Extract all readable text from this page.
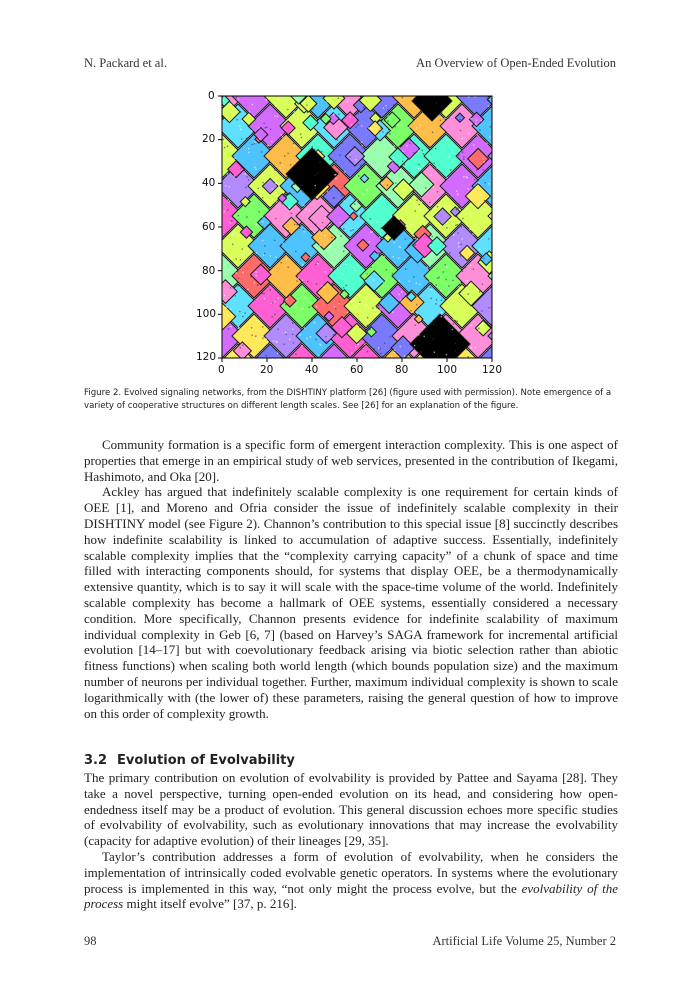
N. Packard et al.	An Overview of Open-Ended Evolution
0
20
40
60
80
100
120
0	20	40	60	80	100 120
Figure 2. Evolved signaling networks, from the DISHTINY platform [26] (figure used with permission). Note emergence of a variety of cooperative structures on different length scales. See [26] for an explanation of the figure.

Community formation is a specific form of emergent interaction complexity. This is one aspect of properties that emerge in an empirical study of web services, presented in the contribution of Ikegami, Hashimoto, and Oka [20].

Ackley has argued that indefinitely scalable complexity is one requirement for certain kinds of OEE [1], and Moreno and Ofria consider the issue of indefinitely scalable complexity in their DISHTINY model (see Figure 2). Channon’s contribution to this special issue [8] succinctly describes how indefinite scalability is linked to accumulation of adaptive success. Essentially, indefinitely scalable complexity implies that the “complexity carrying capacity” of a chunk of space and time filled with interacting components should, for systems that display OEE, be a thermodynamically extensive quantity, which is to say it will scale with the space-time volume of the world. Indefinitely scalable complexity has become a hallmark of OEE systems, essentially considered a necessary condition. More specifically, Channon presents evidence for indefinite scalability of maximum individual complexity in Geb [6, 7] (based on Harvey’s SAGA framework for incremental artificial evolution [14–17] but with coevolutionary feedback arising via biotic selection rather than abiotic fitness functions) when scaling both world length (which bounds population size) and the maximum number of neurons per individual together. Further, maximum individual complexity is shown to scale logarithmically with (the lower of) these parameters, raising the general question of how to improve on this order of complexity growth.

3.2 Evolution of Evolvability

The primary contribution on evolution of evolvability is provided by Pattee and Sayama [28]. They take a novel perspective, turning open-ended evolution on its head, and considering how open-endedness itself may be a product of evolution. This general discussion echoes more specific studies of evolvability of evolvability, such as evolutionary innovations that may increase the evolvability (capacity for adaptive evolution) of their lineages [29, 35].

Taylor’s contribution addresses a form of evolution of evolvability, when he considers the implementation of intrinsically coded evolvable genetic operators. In systems where the evolutionary process is implemented in this way, “not only might the process evolve, but the evolvability of the process might itself evolve” [37, p. 216].

98	Artificial Life Volume 25, Number 2
